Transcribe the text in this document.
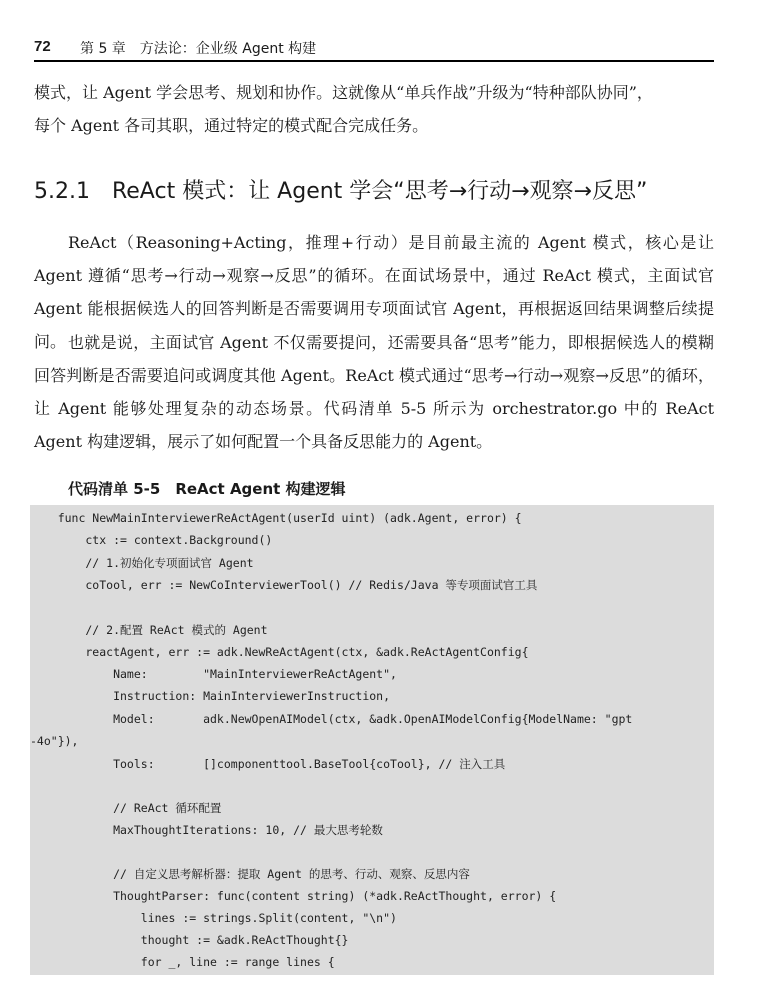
72 第 5 章　方法论：企业级 Agent 构建

模式，让 Agent 学会思考、规划和协作。这就像从“单兵作战”升级为“特种部队协同”，

每个 Agent 各司其职，通过特定的模式配合完成任务。

5.2.1　ReAct 模式：让 Agent 学会“思考→行动→观察→反思”

ReAct（Reasoning+Acting，推理+行动）是目前最主流的 Agent 模式，核心是让 Agent 遵循“思考→行动→观察→反思”的循环。在面试场景中，通过 ReAct 模式，主面试官 Agent 能根据候选人的回答判断是否需要调用专项面试官 Agent，再根据返回结果调整后续提问。 也就是说，主面试官 Agent 不仅需要提问，还需要具备“思考”能力，即根据候选人的模糊回答判断是否需要追问或调度其他 Agent。ReAct 模式通过“思考→行动→观察→反思”的循环，让 Agent 能够处理复杂的动态场景。代码清单 5-5 所示为 orchestrator.go 中的 ReAct Agent 构建逻辑，展示了如何配置一个具备反思能力的 Agent。

代码清单 5-5　ReAct Agent 构建逻辑
func NewMainInterviewerReActAgent(userId uint) (adk.Agent, error) {
ctx := context.Background()
// 1.初始化专项面试官 Agent
coTool, err := NewCoInterviewerTool() // Redis/Java 等专项面试官工具
// 2.配置 ReAct 模式的 Agent
reactAgent, err := adk.NewReActAgent(ctx, &adk.ReActAgentConfig{
Name:        "MainInterviewerReActAgent",
Instruction: MainInterviewerInstruction,
Model:       adk.NewOpenAIModel(ctx, &adk.OpenAIModelConfig{ModelName: "gpt
-4o"}),
Tools:       []componenttool.BaseTool{coTool}, // 注入工具
// ReAct 循环配置
MaxThoughtIterations: 10, // 最大思考轮数
// 自定义思考解析器：提取 Agent 的思考、行动、观察、反思内容
ThoughtParser: func(content string) (*adk.ReActThought, error) {
lines := strings.Split(content, "\n")
thought := &adk.ReActThought{}
for _, line := range lines {
